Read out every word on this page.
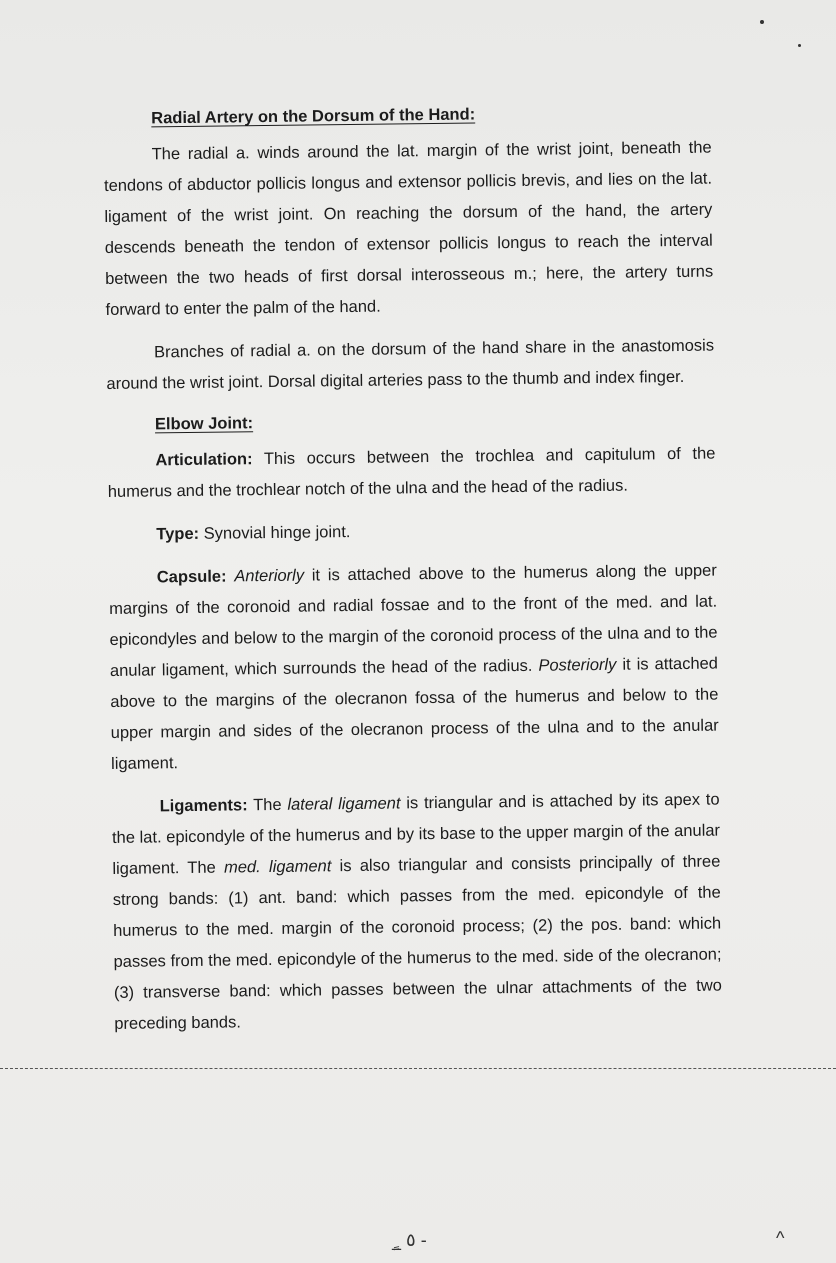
Radial Artery on the Dorsum of the Hand:

The radial a. winds around the lat. margin of the wrist joint, beneath the tendons of abductor pollicis longus and extensor pollicis brevis, and lies on the lat. ligament of the wrist joint. On reaching the dorsum of the hand, the artery descends beneath the tendon of extensor pollicis longus to reach the interval between the two heads of first dorsal interosseous m.; here, the artery turns forward to enter the palm of the hand.

Branches of radial a. on the dorsum of the hand share in the anastomosis around the wrist joint. Dorsal digital arteries pass to the thumb and index finger.

Elbow Joint:

Articulation: This occurs between the trochlea and capitulum of the humerus and the trochlear notch of the ulna and the head of the radius.

Type: Synovial hinge joint.

Capsule: Anteriorly it is attached above to the humerus along the upper margins of the coronoid and radial fossae and to the front of the med. and lat. epicondyles and below to the margin of the coronoid process of the ulna and to the anular ligament, which surrounds the head of the radius. Posteriorly it is attached above to the margins of the olecranon fossa of the humerus and below to the upper margin and sides of the olecranon process of the ulna and to the anular ligament.

Ligaments: The lateral ligament is triangular and is attached by its apex to the lat. epicondyle of the humerus and by its base to the upper margin of the anular ligament. The med. ligament is also triangular and consists principally of three strong bands: (1) ant. band: which passes from the med. epicondyle of the humerus to the med. margin of the coronoid process; (2) the pos. band: which passes from the med. epicondyle of the humerus to the med. side of the olecranon; (3) transverse band: which passes between the ulnar attachments of the two preceding bands.

_ٍ ٥ -	^
